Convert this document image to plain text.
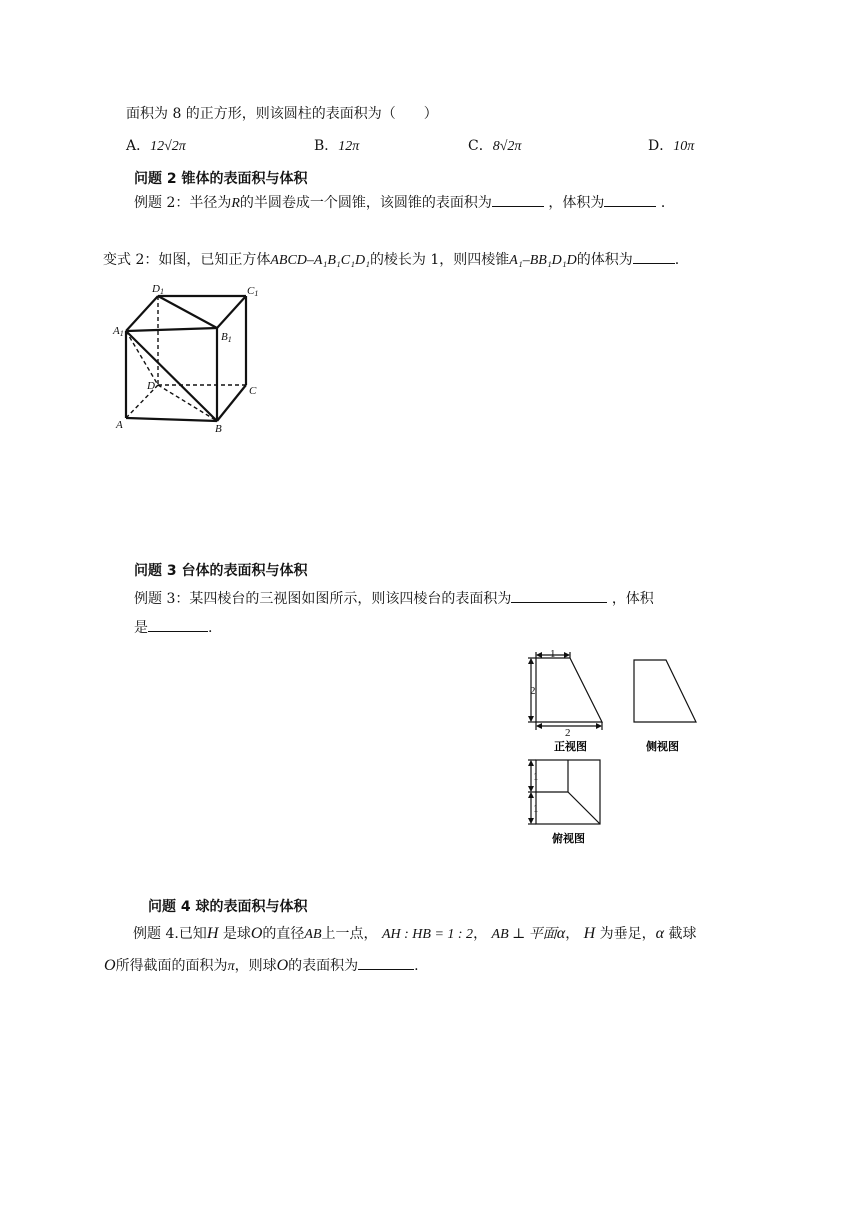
面积为 8 的正方形，则该圆柱的表面积为（　　）
A．12√2π	B．12π	C．8√2π	D．10π
问题 2 锥体的表面积与体积
例题 2：半径为R的半圆卷成一个圆锥，该圆锥的表面积为	，体积为	．
变式 2：如图，已知正方体ABCD–A₁B₁C₁D₁的棱长为 1，则四棱锥A₁–BB₁D₁D的体积为	.
D1	C1
A1	B1
D	C
A	B
问题 3 台体的表面积与体积
例题 3：某四棱台的三视图如图所示，则该四棱台的表面积为	，体积
是	.
1
2
2
正视图	侧视图
1
1
俯视图
问题 4 球的表面积与体积
例题 4.已知H 是球O的直径AB上一点， AH : HB = 1 : 2， AB ⊥ 平面α， H 为垂足，α 截球
O所得截面的面积为π，则球O的表面积为	.
